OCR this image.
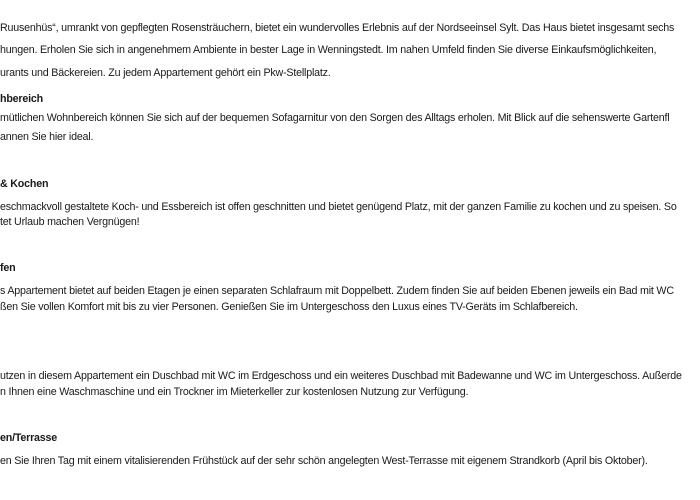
Ruusenhüs“, umrankt von gepflegten Rosensträuchern, bietet ein wundervolles Erlebnis auf der Nordseeinsel Sylt. Das Haus bietet insgesamt sechs
hungen. Erholen Sie sich in angenehmem Ambiente in bester Lage in Wenningstedt. Im nahen Umfeld finden Sie diverse Einkaufsmöglichkeiten,
urants und Bäckereien. Zu jedem Appartement gehört ein Pkw-Stellplatz.
hbereich
mütlichen Wohnbereich können Sie sich auf der bequemen Sofagarnitur von den Sorgen des Alltags erholen. Mit Blick auf die sehenswerte Gartenfl
annen Sie hier ideal.
& Kochen
eschmackvoll gestaltete Koch- und Essbereich ist offen geschnitten und bietet genügend Platz, mit der ganzen Familie zu kochen und zu speisen. So
tet Urlaub machen Vergnügen!
fen
s Appartement bietet auf beiden Etagen je einen separaten Schlafraum mit Doppelbett. Zudem finden Sie auf beiden Ebenen jeweils ein Bad mit WC
ßen Sie vollen Komfort mit bis zu vier Personen. Genießen Sie im Untergeschoss den Luxus eines TV-Geräts im Schlafbereich.
utzen in diesem Appartement ein Duschbad mit WC im Erdgeschoss und ein weiteres Duschbad mit Badewanne und WC im Untergeschoss. Außerde
n Ihnen eine Waschmaschine und ein Trockner im Mieterkeller zur kostenlosen Nutzung zur Verfügung.
en/Terrasse
en Sie Ihren Tag mit einem vitalisierenden Frühstück auf der sehr schön angelegten West-Terrasse mit eigenem Strandkorb (April bis Oktober).
